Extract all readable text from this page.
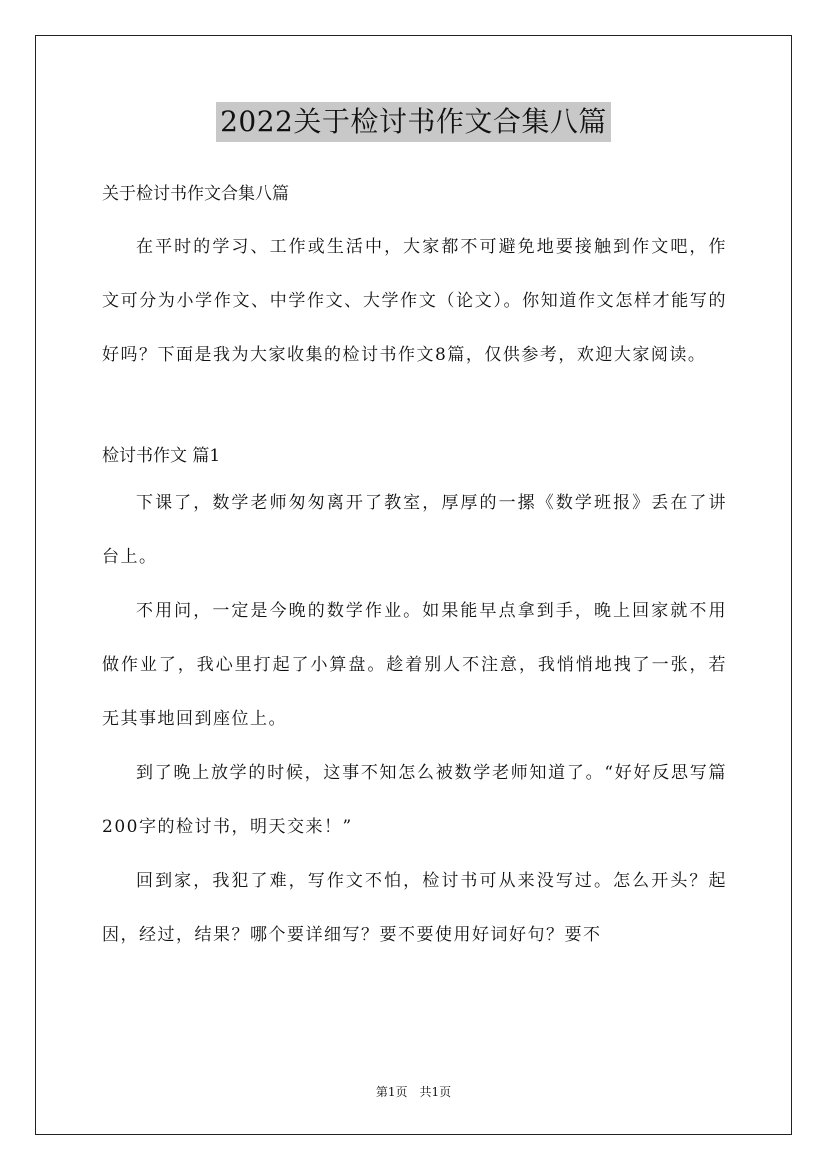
2022关于检讨书作文合集八篇

关于检讨书作文合集八篇

在平时的学习、工作或生活中，大家都不可避免地要接触到作文吧，作文可分为小学作文、中学作文、大学作文（论文）。你知道作文怎样才能写的好吗？下面是我为大家收集的检讨书作文8篇，仅供参考，欢迎大家阅读。

检讨书作文 篇1

下课了，数学老师匆匆离开了教室，厚厚的一摞《数学班报》丢在了讲台上。

不用问，一定是今晚的数学作业。如果能早点拿到手，晚上回家就不用做作业了，我心里打起了小算盘。趁着别人不注意，我悄悄地拽了一张，若无其事地回到座位上。

到了晚上放学的时候，这事不知怎么被数学老师知道了。“好好反思写篇200字的检讨书，明天交来！”

回到家，我犯了难，写作文不怕，检讨书可从来没写过。怎么开头？起因，经过，结果？哪个要详细写？要不要使用好词好句？要不

第1页　共1页
